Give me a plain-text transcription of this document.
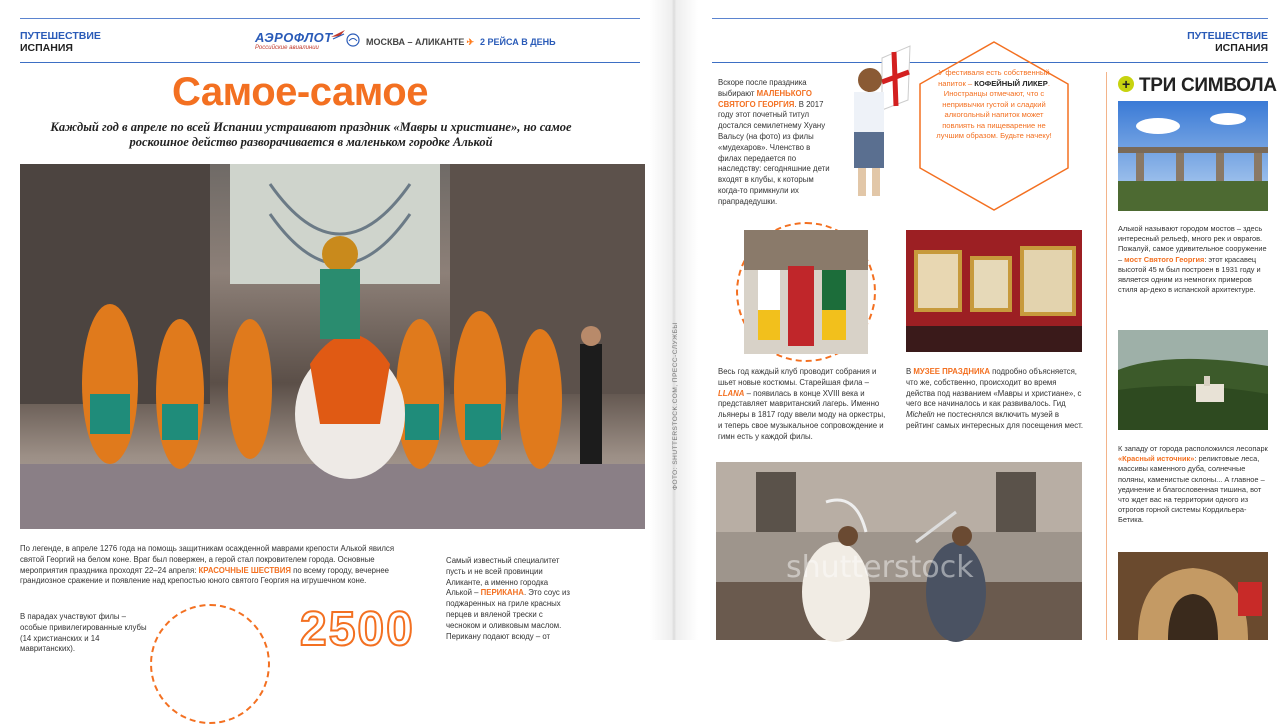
ПУТЕШЕСТВИЕ
ИСПАНИЯ
ПУТЕШЕСТВИЕ
ИСПАНИЯ
АЭРОФЛОТ
Российские авиалинии
МОСКВА – АЛИКАНТЕ ✈ 2 РЕЙСА В ДЕНЬ
Самое-самое
Каждый год в апреле по всей Испании устраивают праздник «Мавры и христиане», но самое роскошное действо разворачивается в маленьком городке Алькой
По легенде, в апреле 1276 года на помощь защитникам осажденной маврами крепости Алькой явился святой Георгий на белом коне. Враг был повержен, а герой стал покровителем города. Основные мероприятия праздника проходят 22–24 апреля: КРАСОЧНЫЕ ШЕСТВИЯ по всему городу, вечернее грандиозное сражение и появление над крепостью юного святого Георгия на игрушечном коне.
В парадах участвуют филы – особые привилегированные клубы (14 христианских и 14 мавританских).	2500
Самый известный специалитет пусть и не всей провинции Аликанте, а именно городка Алькой – ПЕРИКАНА. Это соус из поджаренных на гриле красных перцев и вяленой трески с чесноком и оливковым маслом. Перикану подают всюду – от
ФОТО: SHUTTERSTOCK.COM, ПРЕСС-СЛУЖБЫ
Вскоре после праздника выбирают МАЛЕНЬКОГО СВЯТОГО ГЕОРГИЯ. В 2017 году этот почетный титул достался семилетнему Хуану Вальсу (на фото) из филы «мудехаров». Членство в филах передается по наследству: сегодняшние дети входят в клубы, к которым когда-то примкнули их прапрадедушки.
У фестиваля есть собственный напиток – КОФЕЙНЫЙ ЛИКЕР. Иностранцы отмечают, что с непривычки густой и сладкий алкогольный напиток может повлиять на пищеварение не лучшим образом. Будьте начеку!
Весь год каждый клуб проводит собрания и шьет новые костюмы. Старейшая фила – LLANA – появилась в конце XVIII века и представляет мавританский лагерь. Именно льянеры в 1817 году ввели моду на оркестры, и теперь свое музыкальное сопровождение и гимн есть у каждой филы.
В МУЗЕЕ ПРАЗДНИКА подробно объясняется, что же, собственно, происходит во время действа под названием «Мавры и христиане», с чего все начиналось и как развивалось. Гид Michelin не постеснялся включить музей в рейтинг самых интересных для посещения мест.
shutterstock
+ ТРИ СИМВОЛА
Алькой называют городом мостов – здесь интересный рельеф, много рек и оврагов. Пожалуй, самое удивительное сооружение – мост Святого Георгия: этот красавец высотой 45 м был построен в 1931 году и является одним из немногих примеров стиля ар-деко в испанской архитектуре.
К западу от города расположился лесопарк «Красный источник»: реликтовые леса, массивы каменного дуба, солнечные поляны, каменистые склоны... А главное – уединение и благословенная тишина, вот что ждет вас на территории одного из отрогов горной системы Кордильера-Бетика.
